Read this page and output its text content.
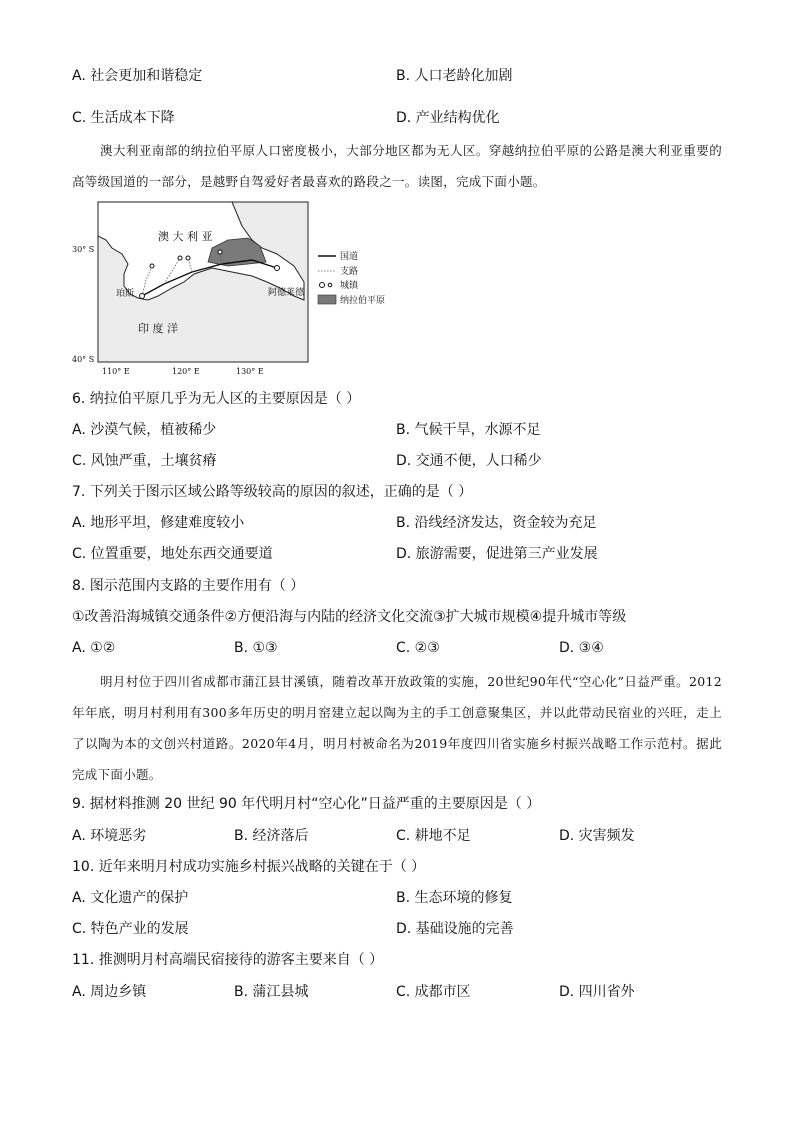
A. 社会更加和谐稳定	B. 人口老龄化加剧
C. 生活成本下降	D. 产业结构优化
澳大利亚南部的纳拉伯平原人口密度极小，大部分地区都为无人区。穿越纳拉伯平原的公路是澳大利亚重要的高等级国道的一部分，是越野自驾爱好者最喜欢的路段之一。读图，完成下面小题。
澳 大 利 亚
印 度 洋
珀斯	阿德莱德
30° S
40° S
110° E	120° E	130° E
国道
支路
城镇
纳拉伯平原
6. 纳拉伯平原几乎为无人区的主要原因是（ ）
A. 沙漠气候，植被稀少	B. 气候干旱，水源不足
C. 风蚀严重，土壤贫瘠	D. 交通不便，人口稀少
7. 下列关于图示区域公路等级较高的原因的叙述，正确的是（ ）
A. 地形平坦，修建难度较小	B. 沿线经济发达，资金较为充足
C. 位置重要，地处东西交通要道	D. 旅游需要，促进第三产业发展
8. 图示范围内支路的主要作用有（ ）
①改善沿海城镇交通条件②方便沿海与内陆的经济文化交流③扩大城市规模④提升城市等级
A. ①②	B. ①③	C. ②③	D. ③④
明月村位于四川省成都市蒲江县甘溪镇，随着改革开放政策的实施，20世纪90年代“空心化”日益严重。2012年年底，明月村利用有300多年历史的明月窑建立起以陶为主的手工创意聚集区，并以此带动民宿业的兴旺，走上了以陶为本的文创兴村道路。2020年4月，明月村被命名为2019年度四川省实施乡村振兴战略工作示范村。据此完成下面小题。
9. 据材料推测 20 世纪 90 年代明月村“空心化”日益严重的主要原因是（ ）
A. 环境恶劣	B. 经济落后	C. 耕地不足	D. 灾害频发
10. 近年来明月村成功实施乡村振兴战略的关键在于（ ）
A. 文化遗产的保护	B. 生态环境的修复
C. 特色产业的发展	D. 基础设施的完善
11. 推测明月村高端民宿接待的游客主要来自（ ）
A. 周边乡镇	B. 蒲江县城	C. 成都市区	D. 四川省外
